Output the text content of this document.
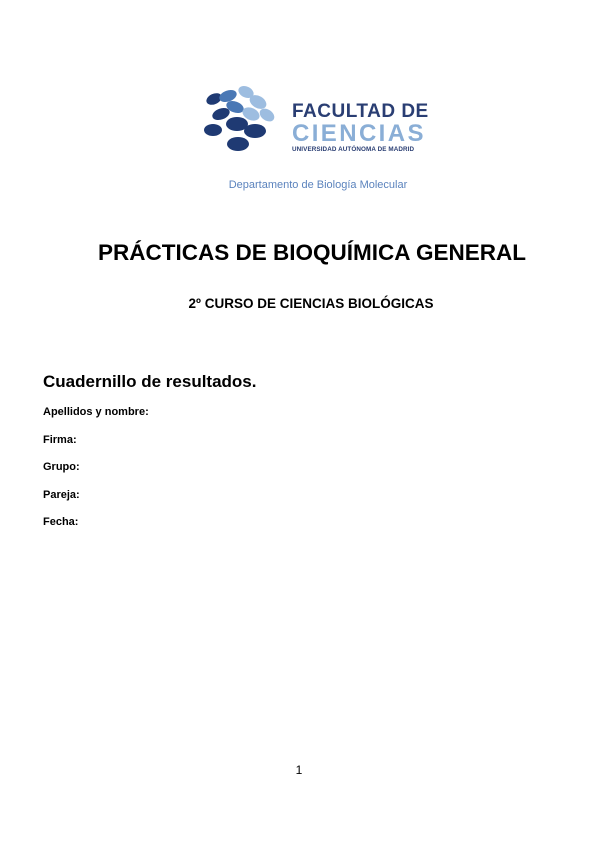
FACULTAD DE
CIENCIAS
UNIVERSIDAD AUTÓNOMA DE MADRID
Departamento de Biología Molecular
PRÁCTICAS DE BIOQUÍMICA GENERAL
2º CURSO DE CIENCIAS BIOLÓGICAS
Cuadernillo de resultados.
Apellidos y nombre:
Firma:
Grupo:
Pareja:
Fecha:
1
